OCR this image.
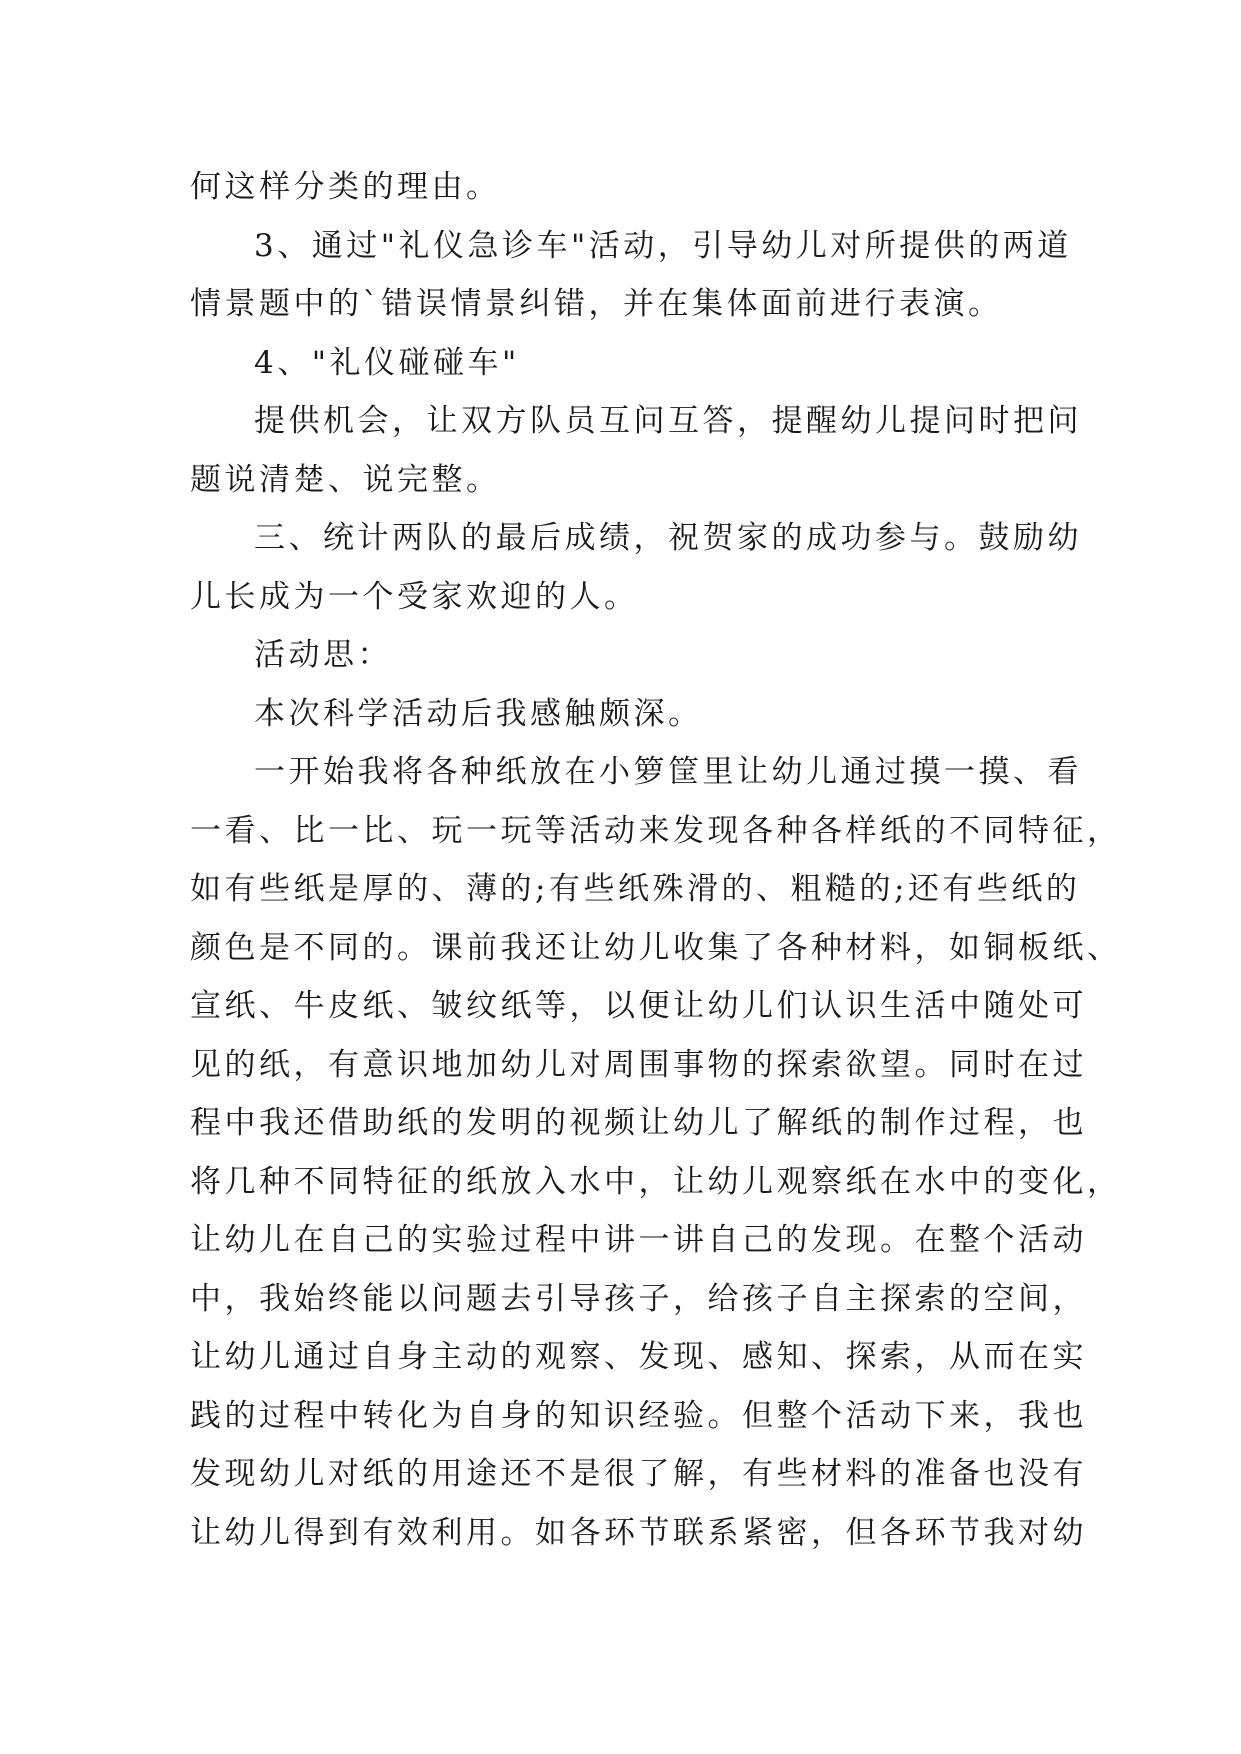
何这样分类的理由。
3、通过"礼仪急诊车"活动，引导幼儿对所提供的两道
情景题中的`错误情景纠错，并在集体面前进行表演。
4、"礼仪碰碰车"
提供机会，让双方队员互问互答，提醒幼儿提问时把问
题说清楚、说完整。
三、统计两队的最后成绩，祝贺家的成功参与。鼓励幼
儿长成为一个受家欢迎的人。
活动思：
本次科学活动后我感触颇深。
一开始我将各种纸放在小箩筐里让幼儿通过摸一摸、看
一看、比一比、玩一玩等活动来发现各种各样纸的不同特征，
如有些纸是厚的、薄的;有些纸殊滑的、粗糙的;还有些纸的
颜色是不同的。课前我还让幼儿收集了各种材料，如铜板纸、
宣纸、牛皮纸、皱纹纸等，以便让幼儿们认识生活中随处可
见的纸，有意识地加幼儿对周围事物的探索欲望。同时在过
程中我还借助纸的发明的视频让幼儿了解纸的制作过程，也
将几种不同特征的纸放入水中，让幼儿观察纸在水中的变化，
让幼儿在自己的实验过程中讲一讲自己的发现。在整个活动
中，我始终能以问题去引导孩子，给孩子自主探索的空间，
让幼儿通过自身主动的观察、发现、感知、探索，从而在实
践的过程中转化为自身的知识经验。但整个活动下来，我也
发现幼儿对纸的用途还不是很了解，有些材料的准备也没有
让幼儿得到有效利用。如各环节联系紧密，但各环节我对幼
